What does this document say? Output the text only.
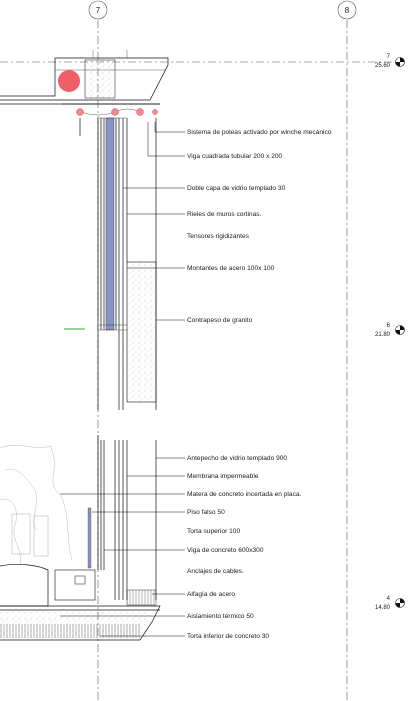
7	8
Sistema de poleas activado por winche mecánico
Viga cuadrada tubular 200 x 200
Doble capa de vidrio templado 30
Rieles de muros cortinas.
Tensores rigidizantes
Montantes de acero 100x 100
Contrapeso de granito
Antepecho de vidrio templado 900
Membrana impermeable
Matera de concreto incertada en placa.
Piso falso 50
Torta superior 100
Viga de concreto 600x300
Anclajes de cables.
Alfagía de acero
Aislamiento térmico 50
Torta inferior de concreto 30
7
25.60
6
21.80
4
14.80
